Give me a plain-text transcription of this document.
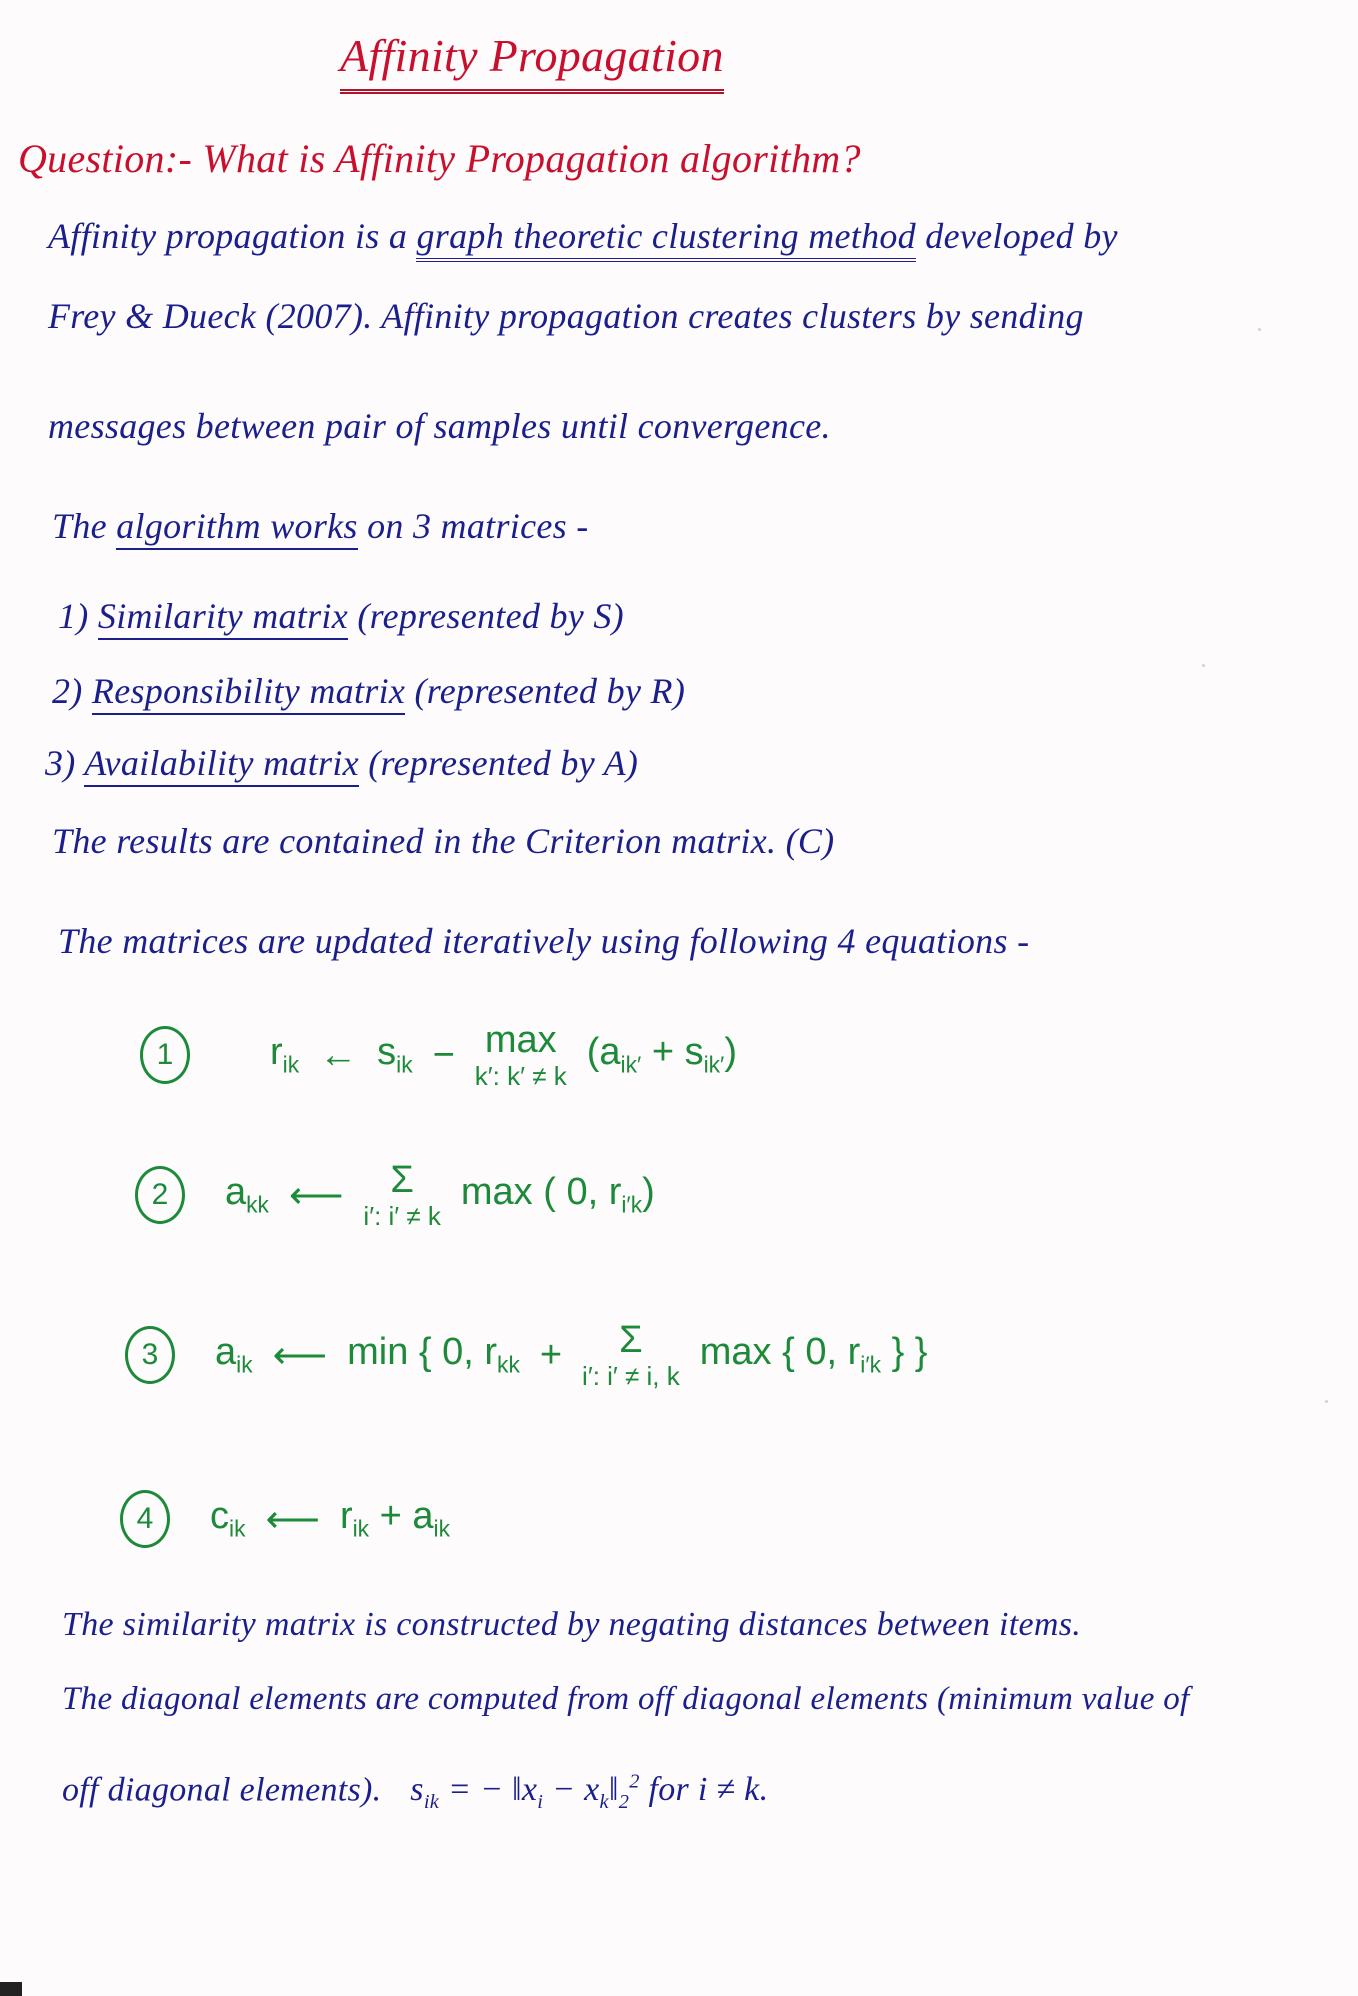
Affinity Propagation
Question:- What is Affinity Propagation algorithm?
Affinity propagation is a graph theoretic clustering method developed by
Frey & Dueck (2007). Affinity propagation creates clusters by sending
messages between pair of samples until convergence.
The algorithm works on 3 matrices -
1) Similarity matrix (represented by S)
2) Responsibility matrix (represented by R)
3) Availability matrix (represented by A)
The results are contained in the Criterion matrix. (C)
The matrices are updated iteratively using following 4 equations -
1	$r_{ik}$ ← $s_{ik} - \max$
k′: k′ ≠ k
$(a_{ik'} + s_{ik'})$
2	$a_{kk}$ ⟵ Σ
i′: i′ ≠ k
max ( 0, $r_{i'k}$)
3	$a_{ik}$ ⟵ min { 0, $r_{kk} + \Sigma$
i′: i′ ≠ i, k
max { 0, $r_{i'k}$ } }
4	$c_{ik}$ ⟵ $r_{ik} + a_{ik}$
The similarity matrix is constructed by negating distances between items.
The diagonal elements are computed from off diagonal elements (minimum value of
off diagonal elements). $s_{ik}$ = − $‖x_i$ − $x_k‖_2^2$ for i ≠ k.
